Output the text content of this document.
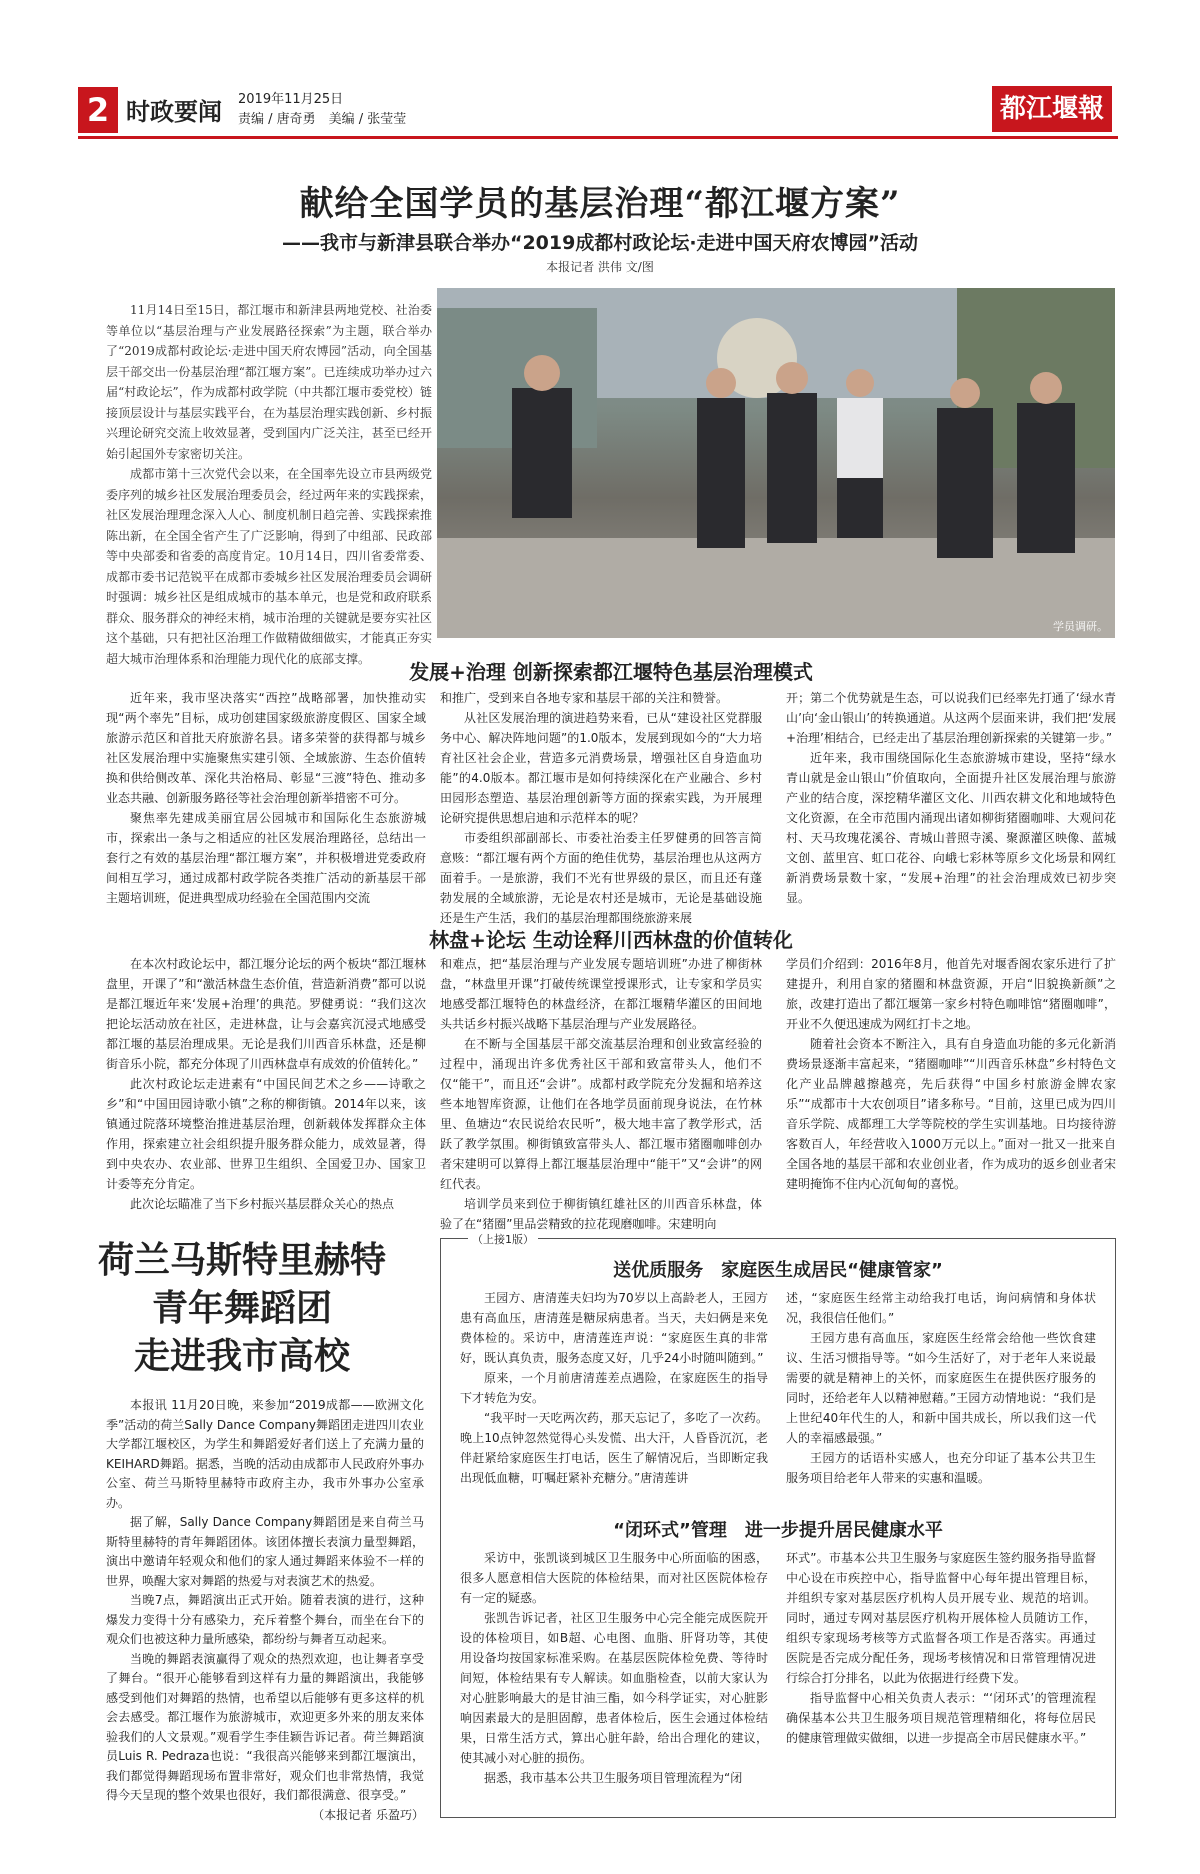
2 时政要闻 2019年11月25日
责编 / 唐奇勇　美编 / 张莹莹	都江堰報
献给全国学员的基层治理“都江堰方案”
——我市与新津县联合举办“2019成都村政论坛·走进中国天府农博园”活动
本报记者 洪伟 文/图

11月14日至15日，都江堰市和新津县两地党校、社治委等单位以“基层治理与产业发展路径探索”为主题，联合举办了“2019成都村政论坛·走进中国天府农博园”活动，向全国基层干部交出一份基层治理“都江堰方案”。已连续成功举办过六届“村政论坛”，作为成都村政学院（中共都江堰市委党校）链接顶层设计与基层实践平台，在为基层治理实践创新、乡村振兴理论研究交流上收效显著，受到国内广泛关注，甚至已经开始引起国外专家密切关注。

成都市第十三次党代会以来，在全国率先设立市县两级党委序列的城乡社区发展治理委员会，经过两年来的实践探索，社区发展治理理念深入人心、制度机制日趋完善、实践探索推陈出新，在全国全省产生了广泛影响，得到了中组部、民政部等中央部委和省委的高度肯定。10月14日，四川省委常委、成都市委书记范锐平在成都市委城乡社区发展治理委员会调研时强调：城乡社区是组成城市的基本单元，也是党和政府联系群众、服务群众的神经末梢，城市治理的关键就是要夯实社区这个基础，只有把社区治理工作做精做细做实，才能真正夯实超大城市治理体系和治理能力现代化的底部支撑。

学员调研。
发展+治理 创新探索都江堰特色基层治理模式

近年来，我市坚决落实“西控”战略部署，加快推动实现“两个率先”目标，成功创建国家级旅游度假区、国家全域旅游示范区和首批天府旅游名县。诸多荣誉的获得都与城乡社区发展治理中实施聚焦实建引领、全域旅游、生态价值转换和供给侧改革、深化共治格局、彰显“三渡”特色、推动多业态共融、创新服务路径等社会治理创新举措密不可分。

聚焦率先建成美丽宜居公园城市和国际化生态旅游城市，探索出一条与之相适应的社区发展治理路径，总结出一套行之有效的基层治理“都江堰方案”，并积极增进党委政府间相互学习，通过成都村政学院各类推广活动的新基层干部主题培训班，促进典型成功经验在全国范围内交流

和推广，受到来自各地专家和基层干部的关注和赞誉。

从社区发展治理的演进趋势来看，已从“建设社区党群服务中心、解决阵地问题”的1.0版本，发展到现如今的“大力培育社区社会企业，营造多元消费场景，增强社区自身造血功能”的4.0版本。都江堰市是如何持续深化在产业融合、乡村田园形态塑造、基层治理创新等方面的探索实践，为开展理论研究提供思想启迪和示范样本的呢？

市委组织部副部长、市委社治委主任罗健勇的回答言简意赅：“都江堰有两个方面的绝佳优势，基层治理也从这两方面着手。一是旅游，我们不光有世界级的景区，而且还有蓬勃发展的全域旅游，无论是农村还是城市，无论是基础设施还是生产生活，我们的基层治理都围绕旅游来展

开；第二个优势就是生态，可以说我们已经率先打通了‘绿水青山’向‘金山银山’的转换通道。从这两个层面来讲，我们把‘发展+治理’相结合，已经走出了基层治理创新探索的关键第一步。”

近年来，我市围绕国际化生态旅游城市建设，坚持“绿水青山就是金山银山”价值取向，全面提升社区发展治理与旅游产业的结合度，深挖精华灌区文化、川西农耕文化和地域特色文化资源，在全市范围内涌现出诸如柳街猪圈咖啡、大观问花村、天马玫瑰花溪谷、青城山普照寺溪、聚源灌区映像、蓝城文创、蓝里宫、虹口花谷、向峨七彩林等原乡文化场景和网红新消费场景数十家，“发展+治理”的社会治理成效已初步突显。

林盘+论坛 生动诠释川西林盘的价值转化

在本次村政论坛中，都江堰分论坛的两个板块“都江堰林盘里，开课了”和“激活林盘生态价值，营造新消费”都可以说是都江堰近年来‘发展+治理’的典范。罗健勇说：“我们这次把论坛活动放在社区，走进林盘，让与会嘉宾沉浸式地感受都江堰的基层治理成果。无论是我们川西音乐林盘，还是柳街音乐小院，都充分体现了川西林盘卓有成效的价值转化。”

此次村政论坛走进素有“中国民间艺术之乡——诗歌之乡”和“中国田园诗歌小镇”之称的柳街镇。2014年以来，该镇通过院落环境整治推进基层治理，创新载体发挥群众主体作用，探索建立社会组织提升服务群众能力，成效显著，得到中央农办、农业部、世界卫生组织、全国爱卫办、国家卫计委等充分肯定。

此次论坛瞄准了当下乡村振兴基层群众关心的热点

和难点，把“基层治理与产业发展专题培训班”办进了柳街林盘，“林盘里开课”打破传统课堂授课形式，让专家和学员实地感受都江堰特色的林盘经济，在都江堰精华灌区的田间地头共话乡村振兴战略下基层治理与产业发展路径。

在不断与全国基层干部交流基层治理和创业致富经验的过程中，涌现出许多优秀社区干部和致富带头人，他们不仅“能干”，而且还“会讲”。成都村政学院充分发掘和培养这些本地智库资源，让他们在各地学员面前现身说法，在竹林里、鱼塘边“农民说给农民听”，极大地丰富了教学形式，活跃了教学氛围。柳街镇致富带头人、都江堰市猪圈咖啡创办者宋建明可以算得上都江堰基层治理中“能干”又“会讲”的网红代表。

培训学员来到位于柳街镇红雄社区的川西音乐林盘，体验了在“猪圈”里品尝精致的拉花现磨咖啡。宋建明向

学员们介绍到：2016年8月，他首先对堰香阁农家乐进行了扩建提升，利用自家的猪圈和林盘资源，开启“旧貌换新颜”之旅，改建打造出了都江堰第一家乡村特色咖啡馆“猪圈咖啡”，开业不久便迅速成为网红打卡之地。

随着社会资本不断注入，具有自身造血功能的多元化新消费场景逐渐丰富起来，“猪圈咖啡”“川西音乐林盘”乡村特色文化产业品牌越擦越亮，先后获得“中国乡村旅游金牌农家乐”“成都市十大农创项目”诸多称号。“目前，这里已成为四川音乐学院、成都理工大学等院校的学生实训基地。日均接待游客数百人，年经营收入1000万元以上。”面对一批又一批来自全国各地的基层干部和农业创业者，作为成功的返乡创业者宋建明掩饰不住内心沉甸甸的喜悦。

荷兰马斯特里赫特
青年舞蹈团
走进我市高校

本报讯 11月20日晚，来参加“2019成都——欧洲文化季”活动的荷兰Sally Dance Company舞蹈团走进四川农业大学都江堰校区，为学生和舞蹈爱好者们送上了充满力量的KEIHARD舞蹈。据悉，当晚的活动由成都市人民政府外事办公室、荷兰马斯特里赫特市政府主办，我市外事办公室承办。

据了解，Sally Dance Company舞蹈团是来自荷兰马斯特里赫特的青年舞蹈团体。该团体擅长表演力量型舞蹈，演出中邀请年轻观众和他们的家人通过舞蹈来体验不一样的世界，唤醒大家对舞蹈的热爱与对表演艺术的热爱。

当晚7点，舞蹈演出正式开始。随着表演的进行，这种爆发力变得十分有感染力，充斥着整个舞台，而坐在台下的观众们也被这种力量所感染，都纷纷与舞者互动起来。

当晚的舞蹈表演赢得了观众的热烈欢迎，也让舞者享受了舞台。“很开心能够看到这样有力量的舞蹈演出，我能够感受到他们对舞蹈的热情，也希望以后能够有更多这样的机会去感受。都江堰作为旅游城市，欢迎更多外来的朋友来体验我们的人文景观。”观看学生李佳颖告诉记者。荷兰舞蹈演员Luis R. Pedraza也说：“我很高兴能够来到都江堰演出，我们都觉得舞蹈现场布置非常好，观众们也非常热情，我觉得今天呈现的整个效果也很好，我们都很满意、很享受。”

（本报记者 乐盈巧）
（上接1版）
送优质服务　家庭医生成居民“健康管家”

王园方、唐清莲夫妇均为70岁以上高龄老人，王园方患有高血压，唐清莲是糖尿病患者。当天，夫妇俩是来免费体检的。采访中，唐清莲连声说：“家庭医生真的非常好，既认真负责，服务态度又好，几乎24小时随叫随到。”

原来，一个月前唐清莲差点遇险，在家庭医生的指导下才转危为安。

“我平时一天吃两次药，那天忘记了，多吃了一次药。晚上10点钟忽然觉得心头发慌、出大汗，人昏昏沉沉，老伴赶紧给家庭医生打电话，医生了解情况后，当即断定我出现低血糖，叮嘱赶紧补充糖分。”唐清莲讲

述，“家庭医生经常主动给我打电话，询问病情和身体状况，我很信任他们。”

王园方患有高血压，家庭医生经常会给他一些饮食建议、生活习惯指导等。“如今生活好了，对于老年人来说最需要的就是精神上的关怀，而家庭医生在提供医疗服务的同时，还给老年人以精神慰藉。”王园方动情地说：“我们是上世纪40年代生的人，和新中国共成长，所以我们这一代人的幸福感最强。”

王园方的话语朴实感人，也充分印证了基本公共卫生服务项目给老年人带来的实惠和温暖。

“闭环式”管理　进一步提升居民健康水平

采访中，张凯谈到城区卫生服务中心所面临的困惑，很多人愿意相信大医院的体检结果，而对社区医院体检存有一定的疑惑。

张凯告诉记者，社区卫生服务中心完全能完成医院开设的体检项目，如B超、心电图、血脂、肝肾功等，其使用设备均按国家标准采购。在基层医院体检免费、等待时间短，体检结果有专人解读。如血脂检查，以前大家认为对心脏影响最大的是甘油三酯，如今科学证实，对心脏影响因素最大的是胆固醇，患者体检后，医生会通过体检结果，日常生活方式，算出心脏年龄，给出合理化的建议，使其减小对心脏的损伤。

据悉，我市基本公共卫生服务项目管理流程为“闭

环式”。市基本公共卫生服务与家庭医生签约服务指导监督中心设在市疾控中心，指导监督中心每年提出管理目标，并组织专家对基层医疗机构人员开展专业、规范的培训。同时，通过专网对基层医疗机构开展体检人员随访工作，组织专家现场考核等方式监督各项工作是否落实。再通过医院是否完成分配任务，现场考核情况和日常管理情况进行综合打分排名，以此为依据进行经费下发。

指导监督中心相关负责人表示：“‘闭环式’的管理流程确保基本公共卫生服务项目规范管理精细化，将每位居民的健康管理做实做细，以进一步提高全市居民健康水平。”
